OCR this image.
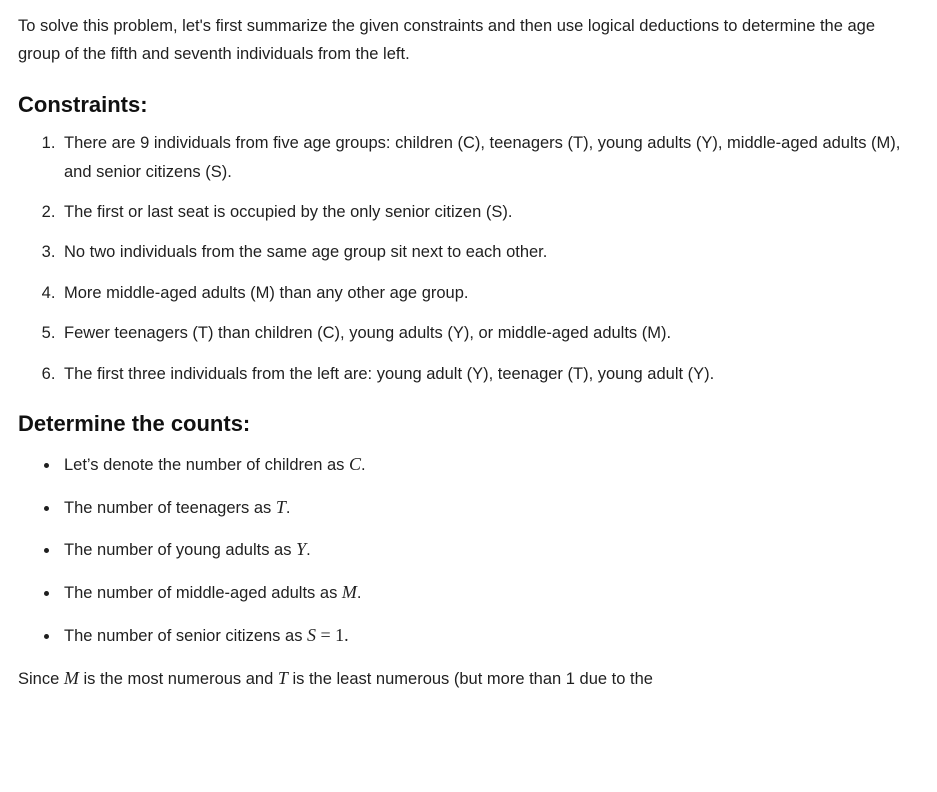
To solve this problem, let's first summarize the given constraints and then use logical deductions to determine the age group of the fifth and seventh individuals from the left.

Constraints:
1. There are 9 individuals from five age groups: children (C), teenagers (T), young adults (Y), middle-aged adults (M), and senior citizens (S).
2. The first or last seat is occupied by the only senior citizen (S).
3. No two individuals from the same age group sit next to each other.
4. More middle-aged adults (M) than any other age group.
5. Fewer teenagers (T) than children (C), young adults (Y), or middle-aged adults (M).
6. The first three individuals from the left are: young adult (Y), teenager (T), young adult (Y).
Determine the counts:
• Let’s denote the number of children as C.
• The number of teenagers as T.
• The number of young adults as Y.
• The number of middle-aged adults as M.
• The number of senior citizens as S = 1.

Since M is the most numerous and T is the least numerous (but more than 1 due to the
